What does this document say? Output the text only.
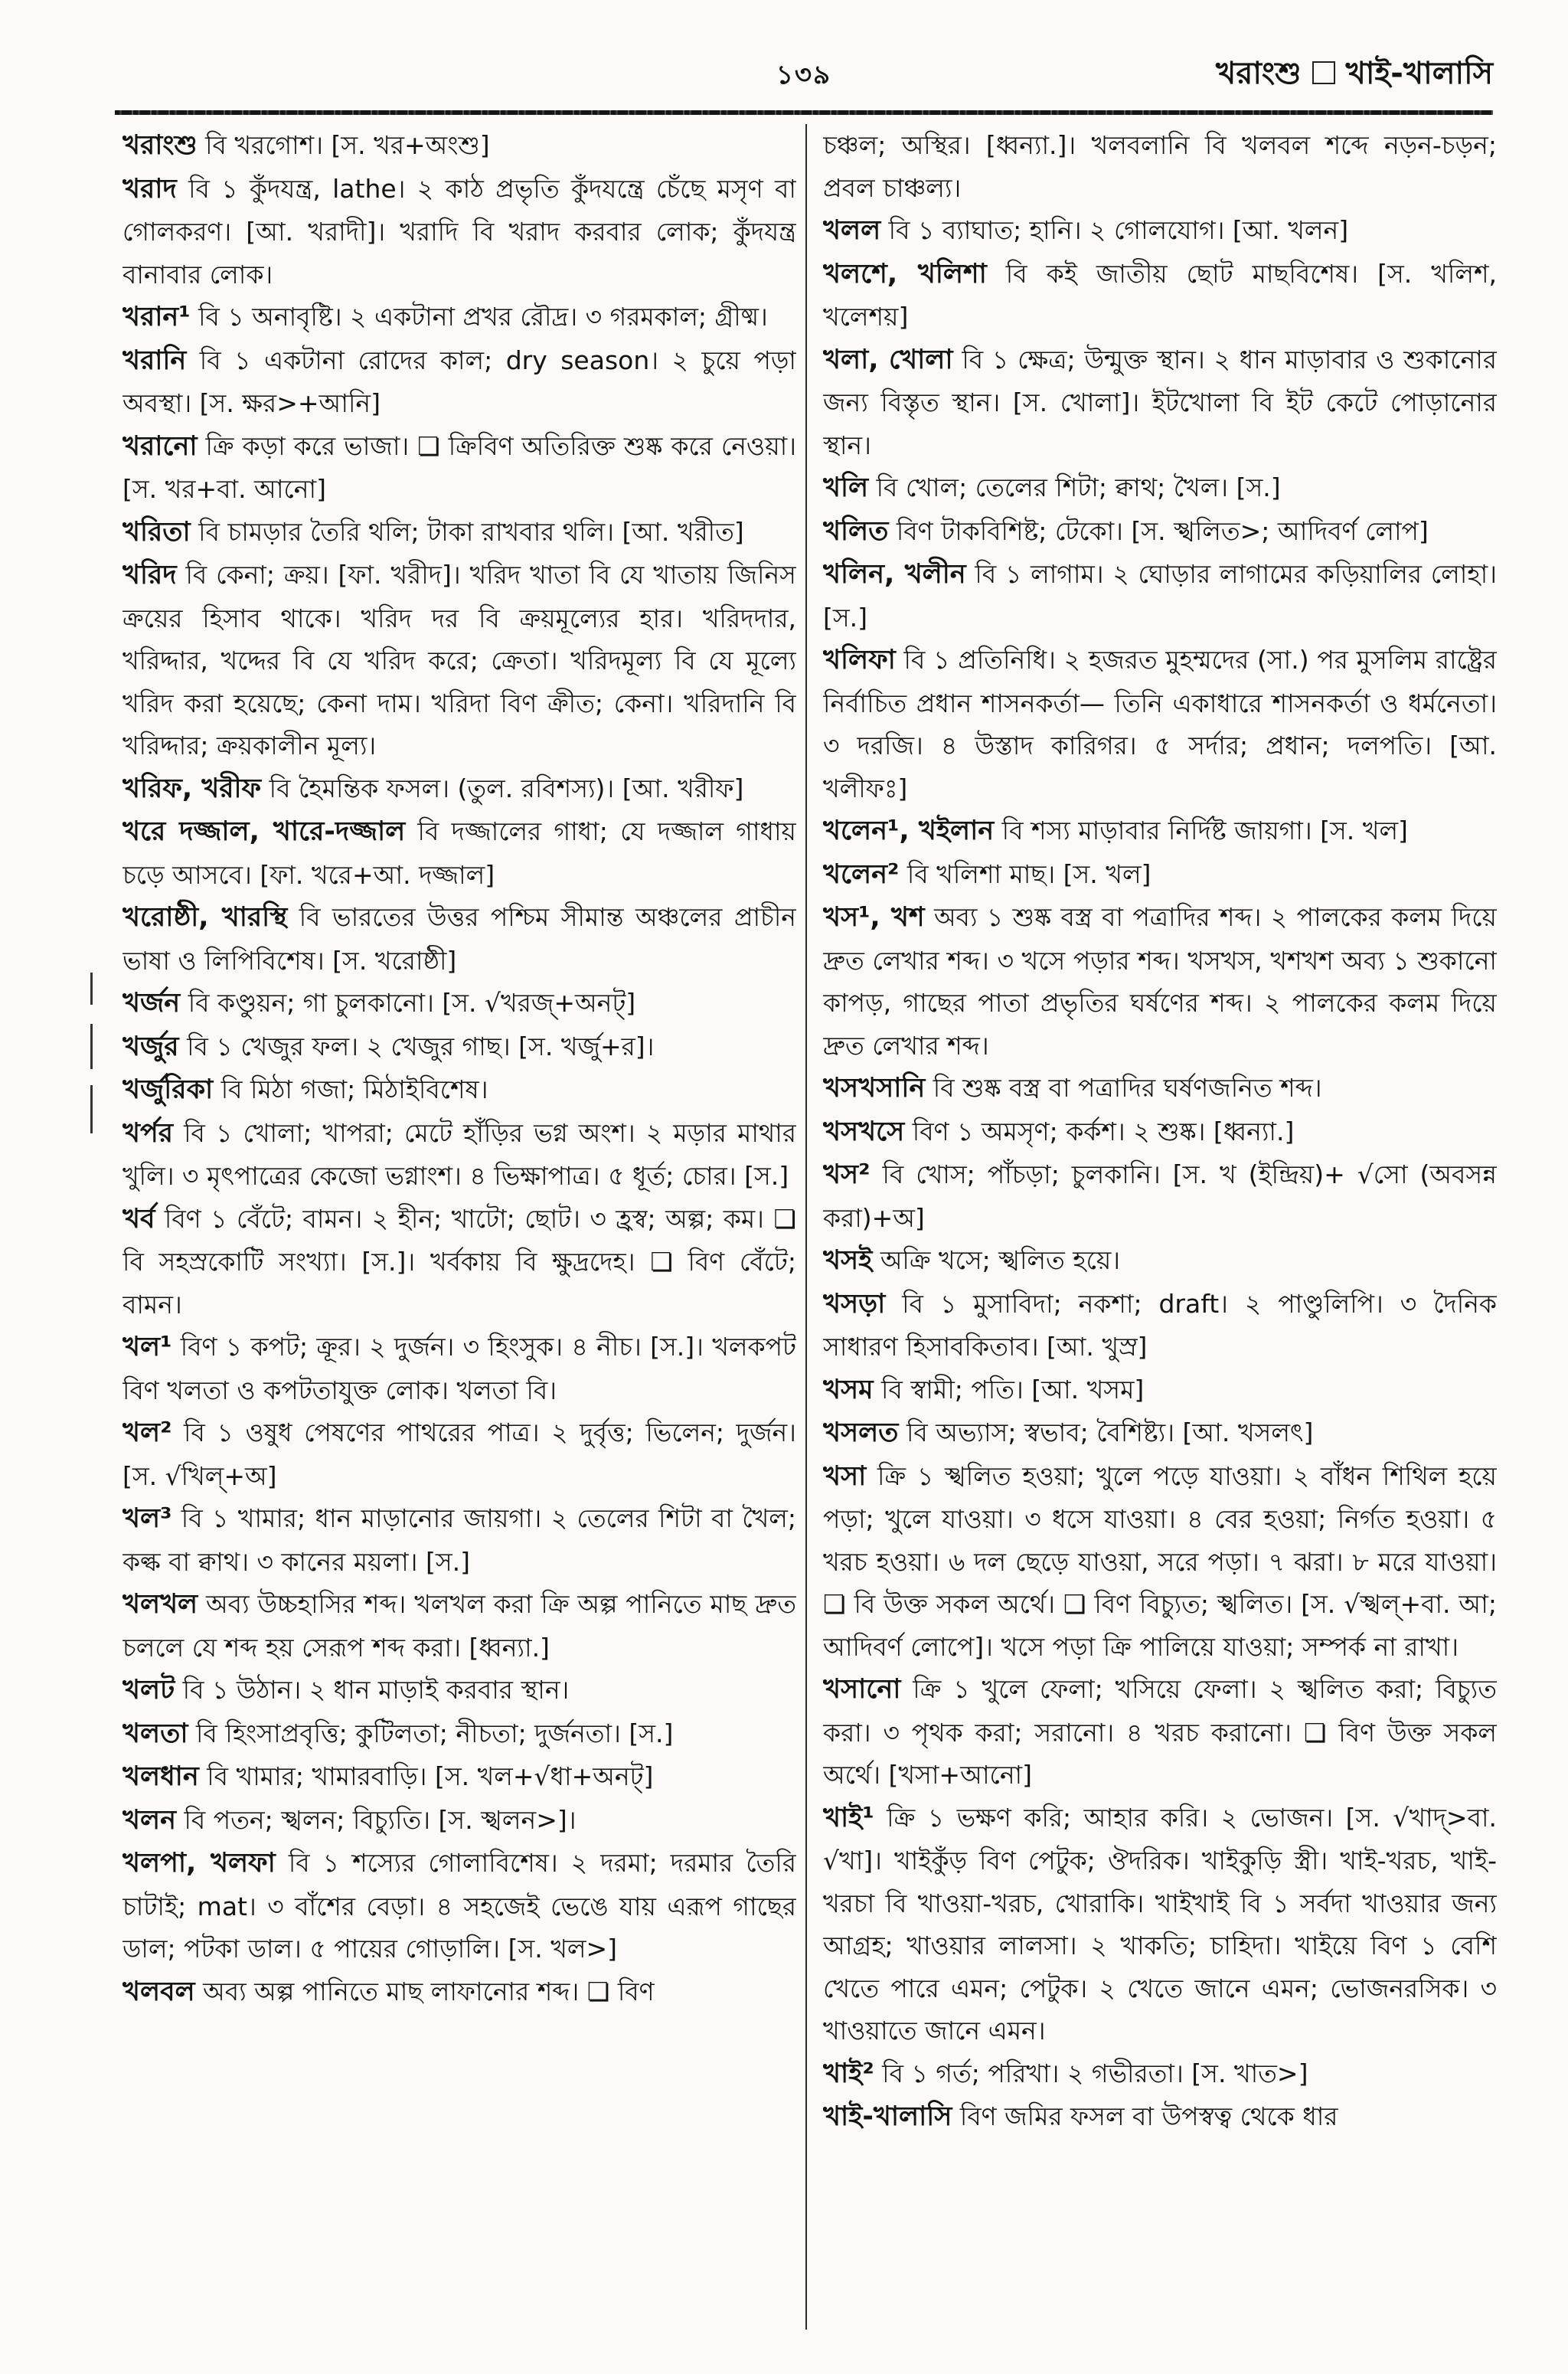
১৩৯	খরাংশু খাই-খালাসি

খরাংশু বি খরগোশ। [স. খর+অংশু]

খরাদ বি ১ কুঁদযন্ত্র, lathe। ২ কাঠ প্রভৃতি কুঁদযন্ত্রে চেঁছে মসৃণ বা গোলকরণ। [আ. খরাদী]। খরাদি বি খরাদ করবার লোক; কুঁদযন্ত্র বানাবার লোক।

খরান¹ বি ১ অনাবৃষ্টি। ২ একটানা প্রখর রৌদ্র। ৩ গরমকাল; গ্রীষ্ম।

খরানি বি ১ একটানা রোদের কাল; dry season। ২ চুয়ে পড়া অবস্থা। [স. ক্ষর>+আনি]

খরানো ক্রি কড়া করে ভাজা। ❏ ক্রিবিণ অতিরিক্ত শুষ্ক করে নেওয়া। [স. খর+বা. আনো]

খরিতা বি চামড়ার তৈরি থলি; টাকা রাখবার থলি। [আ. খরীত]

খরিদ বি কেনা; ক্রয়। [ফা. খরীদ]। খরিদ খাতা বি যে খাতায় জিনিস ক্রয়ের হিসাব থাকে। খরিদ দর বি ক্রয়মূল্যের হার। খরিদদার, খরিদ্দার, খদ্দের বি যে খরিদ করে; ক্রেতা। খরিদমূল্য বি যে মূল্যে খরিদ করা হয়েছে; কেনা দাম। খরিদা বিণ ক্রীত; কেনা। খরিদানি বি খরিদ্দার; ক্রয়কালীন মূল্য।

খরিফ, খরীফ বি হৈমন্তিক ফসল। (তুল. রবিশস্য)। [আ. খরীফ]

খরে দজ্জাল, খারে-দজ্জাল বি দজ্জালের গাধা; যে দজ্জাল গাধায় চড়ে আসবে। [ফা. খরে+আ. দজ্জাল]

খরোষ্ঠী, খারস্থি বি ভারতের উত্তর পশ্চিম সীমান্ত অঞ্চলের প্রাচীন ভাষা ও লিপিবিশেষ। [স. খরোষ্ঠী]

খর্জন বি কণ্ডুয়ন; গা চুলকানো। [স. √খরজ্+অনট্]

খর্জুর বি ১ খেজুর ফল। ২ খেজুর গাছ। [স. খর্জু+র]।

খর্জুরিকা বি মিঠা গজা; মিঠাইবিশেষ।

খর্পর বি ১ খোলা; খাপরা; মেটে হাঁড়ির ভগ্ন অংশ। ২ মড়ার মাথার খুলি। ৩ মৃৎপাত্রের কেজো ভগ্নাংশ। ৪ ভিক্ষাপাত্র। ৫ ধূর্ত; চোর। [স.]

খর্ব বিণ ১ বেঁটে; বামন। ২ হীন; খাটো; ছোট। ৩ হ্রস্ব; অল্প; কম। ❏ বি সহস্রকোটি সংখ্যা। [স.]। খর্বকায় বি ক্ষুদ্রদেহ। ❏ বিণ বেঁটে; বামন।

খল¹ বিণ ১ কপট; ক্রূর। ২ দুর্জন। ৩ হিংসুক। ৪ নীচ। [স.]। খলকপট বিণ খলতা ও কপটতাযুক্ত লোক। খলতা বি।

খল² বি ১ ওষুধ পেষণের পাথরের পাত্র। ২ দুর্বৃত্ত; ভিলেন; দুর্জন। [স. √খিল্+অ]

খল³ বি ১ খামার; ধান মাড়ানোর জায়গা। ২ তেলের শিটা বা খৈল; কল্ক বা ক্বাথ। ৩ কানের ময়লা। [স.]

খলখল অব্য উচ্চহাসির শব্দ। খলখল করা ক্রি অল্প পানিতে মাছ দ্রুত চললে যে শব্দ হয় সেরূপ শব্দ করা। [ধ্বন্যা.]

খলট বি ১ উঠান। ২ ধান মাড়াই করবার স্থান।

খলতা বি হিংসাপ্রবৃত্তি; কুটিলতা; নীচতা; দুর্জনতা। [স.]

খলধান বি খামার; খামারবাড়ি। [স. খল+√ধা+অনট্]

খলন বি পতন; স্খলন; বিচ্যুতি। [স. স্খলন>]।

খলপা, খলফা বি ১ শস্যের গোলাবিশেষ। ২ দরমা; দরমার তৈরি চাটাই; mat। ৩ বাঁশের বেড়া। ৪ সহজেই ভেঙে যায় এরূপ গাছের ডাল; পটকা ডাল। ৫ পায়ের গোড়ালি। [স. খল>]

খলবল অব্য অল্প পানিতে মাছ লাফানোর শব্দ। ❏ বিণ

চঞ্চল; অস্থির। [ধ্বন্যা.]। খলবলানি বি খলবল শব্দে নড়ন-চড়ন; প্রবল চাঞ্চল্য।

খলল বি ১ ব্যাঘাত; হানি। ২ গোলযোগ। [আ. খলন]

খলশে, খলিশা বি কই জাতীয় ছোট মাছবিশেষ। [স. খলিশ, খলেশয়]

খলা, খোলা বি ১ ক্ষেত্র; উন্মুক্ত স্থান। ২ ধান মাড়াবার ও শুকানোর জন্য বিস্তৃত স্থান। [স. খোলা]। ইটখোলা বি ইট কেটে পোড়ানোর স্থান।

খলি বি খোল; তেলের শিটা; ক্বাথ; খৈল। [স.]

খলিত বিণ টাকবিশিষ্ট; টেকো। [স. স্খলিত>; আদিবর্ণ লোপ]

খলিন, খলীন বি ১ লাগাম। ২ ঘোড়ার লাগামের কড়িয়ালির লোহা। [স.]

খলিফা বি ১ প্রতিনিধি। ২ হজরত মুহম্মদের (সা.) পর মুসলিম রাষ্ট্রের নির্বাচিত প্রধান শাসনকর্তা— তিনি একাধারে শাসনকর্তা ও ধর্মনেতা। ৩ দরজি। ৪ উস্তাদ কারিগর। ৫ সর্দার; প্রধান; দলপতি। [আ. খলীফঃ]

খলেন¹, খইলান বি শস্য মাড়াবার নির্দিষ্ট জায়গা। [স. খল]

খলেন² বি খলিশা মাছ। [স. খল]

খস¹, খশ অব্য ১ শুষ্ক বস্ত্র বা পত্রাদির শব্দ। ২ পালকের কলম দিয়ে দ্রুত লেখার শব্দ। ৩ খসে পড়ার শব্দ। খসখস, খশখশ অব্য ১ শুকানো কাপড়, গাছের পাতা প্রভৃতির ঘর্ষণের শব্দ। ২ পালকের কলম দিয়ে দ্রুত লেখার শব্দ।

খসখসানি বি শুষ্ক বস্ত্র বা পত্রাদির ঘর্ষণজনিত শব্দ।

খসখসে বিণ ১ অমসৃণ; কর্কশ। ২ শুষ্ক। [ধ্বন্যা.]

খস² বি খোস; পাঁচড়া; চুলকানি। [স. খ (ইন্দ্রিয়)+ √সো (অবসন্ন করা)+অ]

খসই অক্রি খসে; স্খলিত হয়ে।

খসড়া বি ১ মুসাবিদা; নকশা; draft। ২ পাণ্ডুলিপি। ৩ দৈনিক সাধারণ হিসাবকিতাব। [আ. খুস্র]

খসম বি স্বামী; পতি। [আ. খসম]

খসলত বি অভ্যাস; স্বভাব; বৈশিষ্ট্য। [আ. খসলৎ]

খসা ক্রি ১ স্খলিত হওয়া; খুলে পড়ে যাওয়া। ২ বাঁধন শিথিল হয়ে পড়া; খুলে যাওয়া। ৩ ধসে যাওয়া। ৪ বের হওয়া; নির্গত হওয়া। ৫ খরচ হওয়া। ৬ দল ছেড়ে যাওয়া, সরে পড়া। ৭ ঝরা। ৮ মরে যাওয়া। ❏ বি উক্ত সকল অর্থে। ❏ বিণ বিচ্যুত; স্খলিত। [স. √স্খল্+বা. আ; আদিবর্ণ লোপে]। খসে পড়া ক্রি পালিয়ে যাওয়া; সম্পর্ক না রাখা।

খসানো ক্রি ১ খুলে ফেলা; খসিয়ে ফেলা। ২ স্খলিত করা; বিচ্যুত করা। ৩ পৃথক করা; সরানো। ৪ খরচ করানো। ❏ বিণ উক্ত সকল অর্থে। [খসা+আনো]

খাই¹ ক্রি ১ ভক্ষণ করি; আহার করি। ২ ভোজন। [স. √খাদ্>বা. √খা]। খাইকুঁড় বিণ পেটুক; ঔদরিক। খাইকুড়ি স্ত্রী। খাই-খরচ, খাই-খরচা বি খাওয়া-খরচ, খোরাকি। খাইখাই বি ১ সর্বদা খাওয়ার জন্য আগ্রহ; খাওয়ার লালসা। ২ খাকতি; চাহিদা। খাইয়ে বিণ ১ বেশি খেতে পারে এমন; পেটুক। ২ খেতে জানে এমন; ভোজনরসিক। ৩ খাওয়াতে জানে এমন।

খাই² বি ১ গর্ত; পরিখা। ২ গভীরতা। [স. খাত>]

খাই-খালাসি বিণ জমির ফসল বা উপস্বত্ব থেকে ধার
